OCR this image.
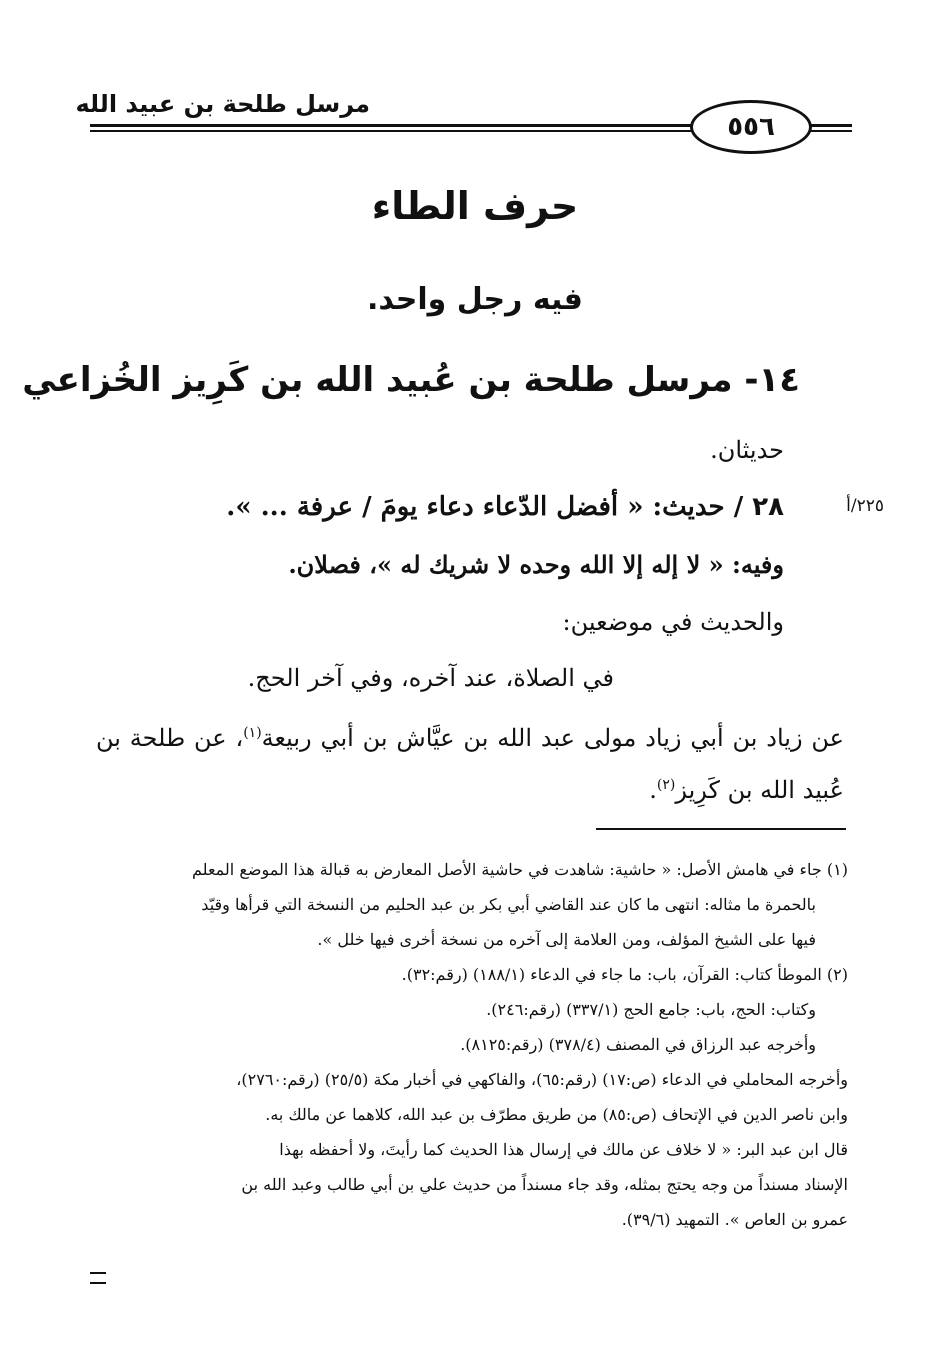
مرسل طلحة بن عبيد الله
٥٥٦
حرف الطاء
فيه رجل واحد.
١٤- مرسل طلحة بن عُبيد الله بن كَرِيز الخُزاعي
حديثان.
٢٢٥/أ
٢٨ / حديث: « أفضل الدّعاء دعاء يومَ / عرفة ... ».
وفيه: « لا إله إلا الله وحده لا شريك له »، فصلان.
والحديث في موضعين:
في الصلاة، عند آخره، وفي آخر الحج.
عن زياد بن أبي زياد مولى عبد الله بن عيَّاش بن أبي ربيعة$^{(١)}$، عن طلحة بن عُبيد الله بن كَرِيز$^{(٢)}$.
(١) جاء في هامش الأصل: « حاشية: شاهدت في حاشية الأصل المعارض به قبالة هذا الموضع المعلم
بالحمرة ما مثاله: انتهى ما كان عند القاضي أبي بكر بن عبد الحليم من النسخة التي قرأها وقيّد
فيها على الشيخ المؤلف، ومن العلامة إلى آخره من نسخة أخرى فيها خلل ».
(٢) الموطأ كتاب: القرآن، باب: ما جاء في الدعاء (١٨٨/١) (رقم:٣٢).
وكتاب: الحج، باب: جامع الحج (٣٣٧/١) (رقم:٢٤٦).
وأخرجه عبد الرزاق في المصنف (٣٧٨/٤) (رقم:٨١٢٥).
وأخرجه المحاملي في الدعاء (ص:١٧) (رقم:٦٥)، والفاكهي في أخبار مكة (٢٥/٥) (رقم:٢٧٦٠)،
وابن ناصر الدين في الإتحاف (ص:٨٥) من طريق مطرّف بن عبد الله، كلاهما عن مالك به.
قال ابن عبد البر: « لا خلاف عن مالك في إرسال هذا الحديث كما رأيتَ، ولا أحفظه بهذا
الإسناد مسنداً من وجه يحتج بمثله، وقد جاء مسنداً من حديث علي بن أبي طالب وعبد الله بن
عمرو بن العاص ». التمهيد (٣٩/٦).
